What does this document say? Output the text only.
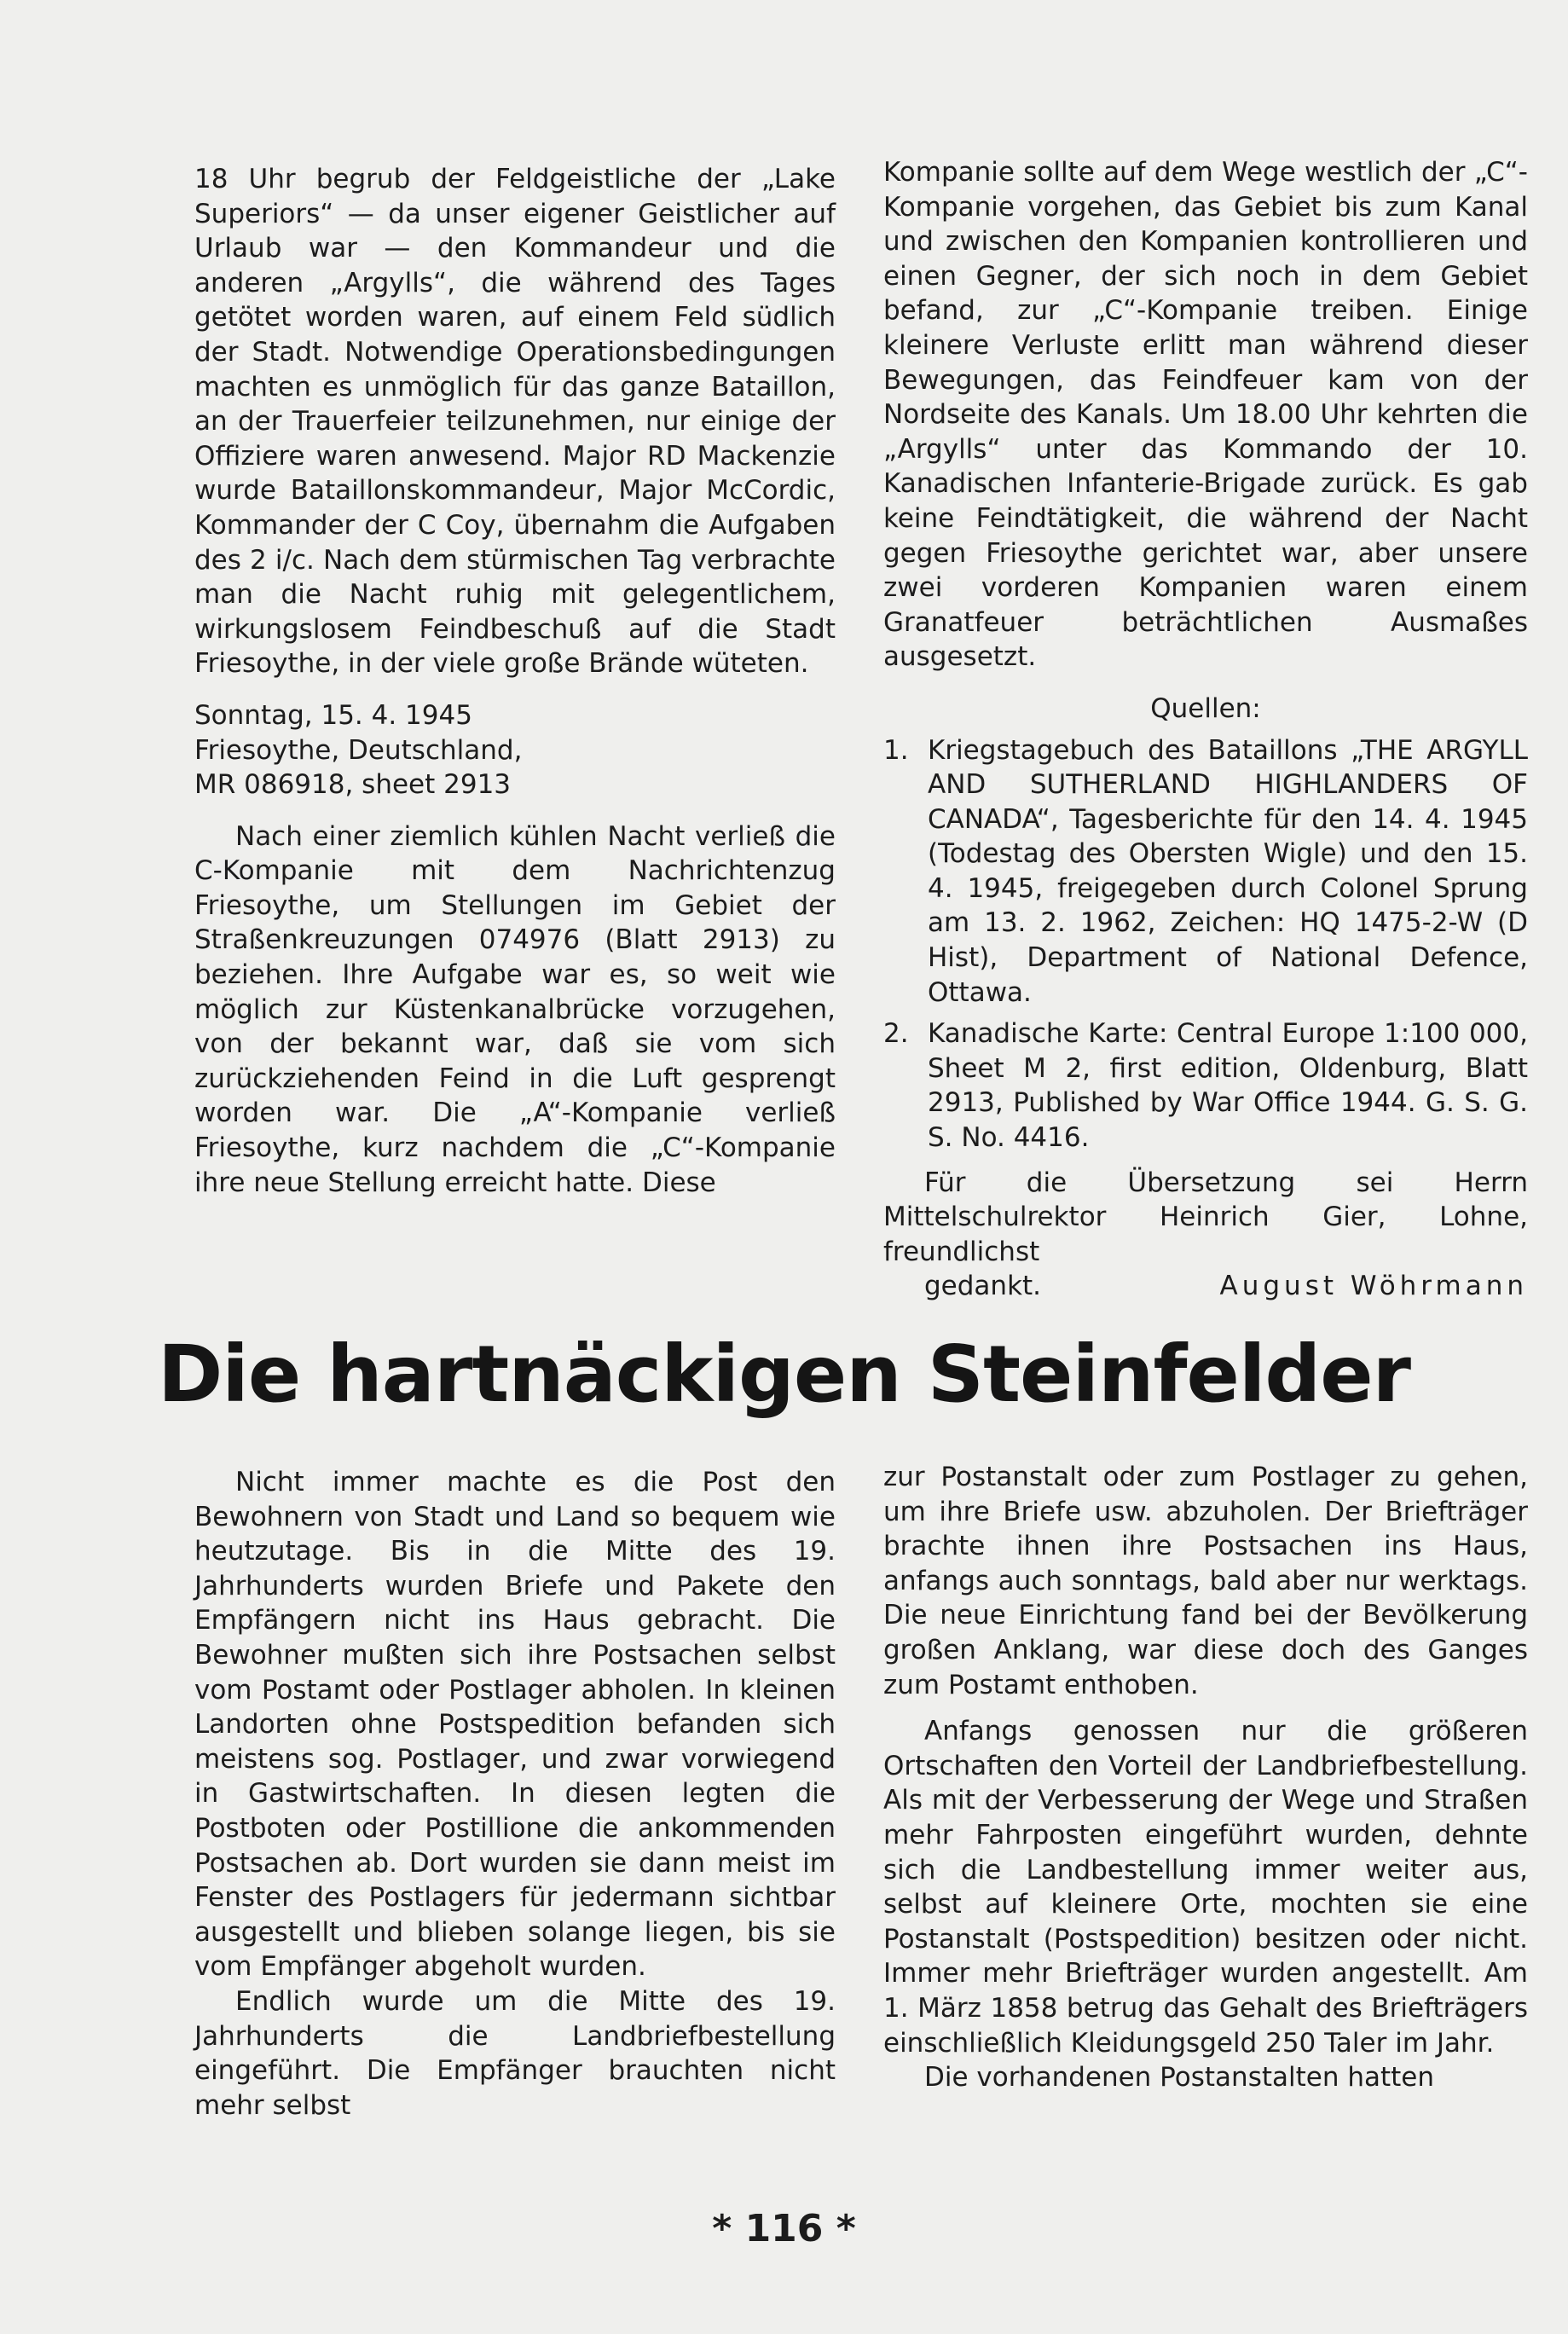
18 Uhr begrub der Feldgeistliche der „Lake Superiors“ — da unser eigener Geistlicher auf Urlaub war — den Kommandeur und die anderen „Argylls“, die während des Tages getötet worden waren, auf einem Feld südlich der Stadt. Notwendige Operationsbedingungen machten es unmöglich für das ganze Bataillon, an der Trauerfeier teilzunehmen, nur einige der Offiziere waren anwesend. Major RD Mackenzie wurde Bataillonskommandeur, Major McCordic, Kommander der C Coy, übernahm die Aufgaben des 2 i/c. Nach dem stürmischen Tag verbrachte man die Nacht ruhig mit gelegentlichem, wirkungslosem Feindbeschuß auf die Stadt Friesoythe, in der viele große Brände wüteten.

Sonntag, 15. 4. 1945
Friesoythe, Deutschland,
MR 086918, sheet 2913

Nach einer ziemlich kühlen Nacht verließ die C-Kompanie mit dem Nachrichtenzug Friesoythe, um Stellungen im Gebiet der Straßenkreuzungen 074976 (Blatt 2913) zu beziehen. Ihre Aufgabe war es, so weit wie möglich zur Küstenkanalbrücke vorzugehen, von der bekannt war, daß sie vom sich zurückziehenden Feind in die Luft gesprengt worden war. Die „A“-Kompanie verließ Friesoythe, kurz nachdem die „C“-Kompanie ihre neue Stellung erreicht hatte. Diese

Kompanie sollte auf dem Wege westlich der „C“-Kompanie vorgehen, das Gebiet bis zum Kanal und zwischen den Kompanien kontrollieren und einen Gegner, der sich noch in dem Gebiet befand, zur „C“-Kompanie treiben. Einige kleinere Verluste erlitt man während dieser Bewegungen, das Feindfeuer kam von der Nordseite des Kanals. Um 18.00 Uhr kehrten die „Argylls“ unter das Kommando der 10. Kanadischen Infanterie-Brigade zurück. Es gab keine Feindtätigkeit, die während der Nacht gegen Friesoythe gerichtet war, aber unsere zwei vorderen Kompanien waren einem Granatfeuer beträchtlichen Ausmaßes ausgesetzt.

Quellen:
1. Kriegstagebuch des Bataillons „THE ARGYLL AND SUTHERLAND HIGHLANDERS OF CANADA“, Tagesberichte für den 14. 4. 1945 (Todestag des Obersten Wigle) und den 15. 4. 1945, freigegeben durch Colonel Sprung am 13. 2. 1962, Zeichen: HQ 1475-2-W (D Hist), Department of National Defence, Ottawa.
2. Kanadische Karte: Central Europe 1:100 000, Sheet M 2, first edition, Oldenburg, Blatt 2913, Published by War Office 1944. G. S. G. S. No. 4416.

Für die Übersetzung sei Herrn Mittelschulrektor Heinrich Gier, Lohne, freundlichst

gedankt.	August Wöhrmann
Die hartnäckigen Steinfelder

Nicht immer machte es die Post den Bewohnern von Stadt und Land so bequem wie heutzutage. Bis in die Mitte des 19. Jahrhunderts wurden Briefe und Pakete den Empfängern nicht ins Haus gebracht. Die Bewohner mußten sich ihre Postsachen selbst vom Postamt oder Postlager abholen. In kleinen Landorten ohne Postspedition befanden sich meistens sog. Postlager, und zwar vorwiegend in Gastwirtschaften. In diesen legten die Postboten oder Postillione die ankommenden Postsachen ab. Dort wurden sie dann meist im Fenster des Postlagers für jedermann sichtbar ausgestellt und blieben solange liegen, bis sie vom Empfänger abgeholt wurden.

Endlich wurde um die Mitte des 19. Jahrhunderts die Landbriefbestellung eingeführt. Die Empfänger brauchten nicht mehr selbst

zur Postanstalt oder zum Postlager zu gehen, um ihre Briefe usw. abzuholen. Der Briefträger brachte ihnen ihre Postsachen ins Haus, anfangs auch sonntags, bald aber nur werktags. Die neue Einrichtung fand bei der Bevölkerung großen Anklang, war diese doch des Ganges zum Postamt enthoben.

Anfangs genossen nur die größeren Ortschaften den Vorteil der Landbriefbestellung. Als mit der Verbesserung der Wege und Straßen mehr Fahrposten eingeführt wurden, dehnte sich die Landbestellung immer weiter aus, selbst auf kleinere Orte, mochten sie eine Postanstalt (Postspedition) besitzen oder nicht. Immer mehr Briefträger wurden angestellt. Am 1. März 1858 betrug das Gehalt des Briefträgers einschließlich Kleidungsgeld 250 Taler im Jahr.

Die vorhandenen Postanstalten hatten

* 116 *
